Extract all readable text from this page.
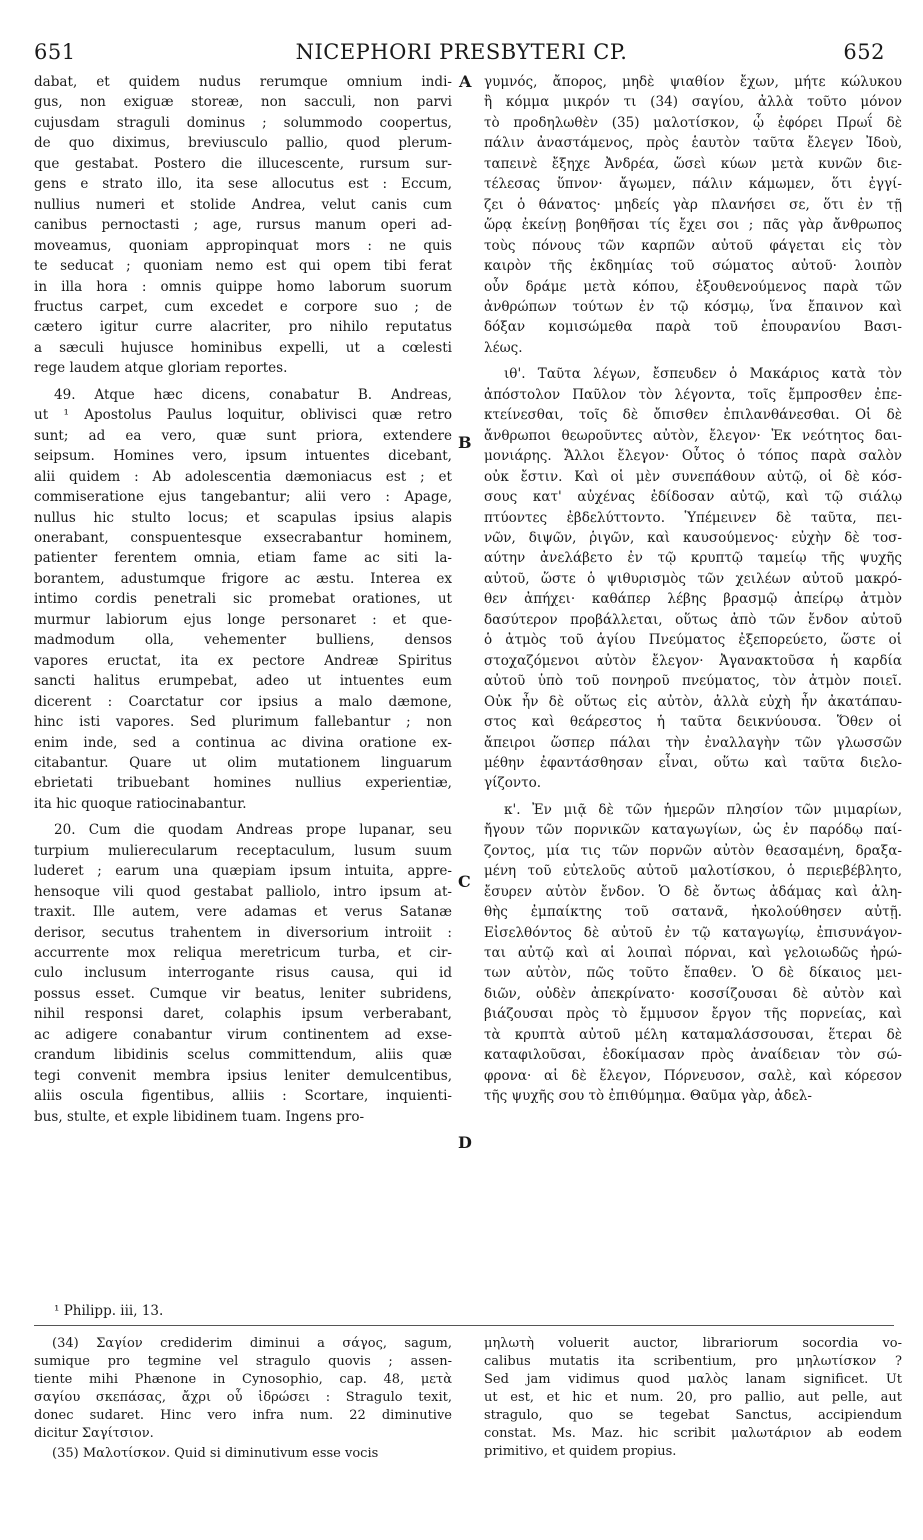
651	NICEPHORI PRESBYTERI CP.	652
A
B
C
D

dabat, et quidem nudus rerumque omnium indi-

gus, non exiguæ storeæ, non sacculi, non parvi

cujusdam straguli dominus ; solummodo coopertus,

de quo diximus, breviusculo pallio, quod plerum-

que gestabat. Postero die illucescente, rursum sur-

gens e strato illo, ita sese allocutus est : Eccum,

nullius numeri et stolide Andrea, velut canis cum

canibus pernoctasti ; age, rursus manum operi ad-

moveamus, quoniam appropinquat mors : ne quis

te seducat ; quoniam nemo est qui opem tibi ferat

in illa hora : omnis quippe homo laborum suorum

fructus carpet, cum excedet e corpore suo ; de

cætero igitur curre alacriter, pro nihilo reputatus

a sæculi hujusce hominibus expelli, ut a cœlesti

rege laudem atque gloriam reportes.

49. Atque hæc dicens, conabatur B. Andreas,

ut ¹ Apostolus Paulus loquitur, oblivisci quæ retro

sunt; ad ea vero, quæ sunt priora, extendere

seipsum. Homines vero, ipsum intuentes dicebant,

alii quidem : Ab adolescentia dæmoniacus est ; et

commiseratione ejus tangebantur; alii vero : Apage,

nullus hic stulto locus; et scapulas ipsius alapis

onerabant, conspuentesque exsecrabantur hominem,

patienter ferentem omnia, etiam fame ac siti la-

borantem, adustumque frigore ac æstu. Interea ex

intimo cordis penetrali sic promebat orationes, ut

murmur labiorum ejus longe personaret : et que-

madmodum olla, vehementer bulliens, densos

vapores eructat, ita ex pectore Andreæ Spiritus

sancti halitus erumpebat, adeo ut intuentes eum

dicerent : Coarctatur cor ipsius a malo dæmone,

hinc isti vapores. Sed plurimum fallebantur ; non

enim inde, sed a continua ac divina oratione ex-

citabantur. Quare ut olim mutationem linguarum

ebrietati tribuebant homines nullius experientiæ,

ita hic quoque ratiocinabantur.

20. Cum die quodam Andreas prope lupanar, seu

turpium mulierecularum receptaculum, lusum suum

luderet ; earum una quæpiam ipsum intuita, appre-

hensoque vili quod gestabat palliolo, intro ipsum at-

traxit. Ille autem, vere adamas et verus Satanæ

derisor, secutus trahentem in diversorium introiit :

accurrente mox reliqua meretricum turba, et cir-

culo inclusum interrogante risus causa, qui id

possus esset. Cumque vir beatus, leniter subridens,

nihil responsi daret, colaphis ipsum verberabant,

ac adigere conabantur virum continentem ad exse-

crandum libidinis scelus committendum, aliis quæ

tegi convenit membra ipsius leniter demulcentibus,

aliis oscula figentibus, alliis : Scortare, inquienti-

bus, stulte, et exple libidinem tuam. Ingens pro-

γυμνός, ἄπορος, μηδὲ ψιαθίον ἔχων, μήτε κώλυκου

ἢ κόμμα μικρόν τι (34) σαγίου, ἀλλὰ τοῦτο μόνον

τὸ προδηλωθὲν (35) μαλοτίσκον, ᾧ ἐφόρει Πρωΐ δὲ

πάλιν ἀναστάμενος, πρὸς ἑαυτὸν ταῦτα ἔλεγεν Ἰδοὺ,

ταπεινὲ ἔξηχε Ἀνδρέα, ὥσεὶ κύων μετὰ κυνῶν διε-

τέλεσας ὕπνον· ἄγωμεν, πάλιν κάμωμεν, ὅτι ἐγγί-

ζει ὁ θάνατος· μηδείς γὰρ πλανήσει σε, ὅτι ἐν τῇ

ὥρᾳ ἐκείνῃ βοηθῆσαι τίς ἔχει σοι ; πᾶς γὰρ ἄνθρωπος

τοὺς πόνους τῶν καρπῶν αὐτοῦ φάγεται εἰς τὸν

καιρὸν τῆς ἐκδημίας τοῦ σώματος αὐτοῦ· λοιπὸν

οὖν δράμε μετὰ κόπου, ἐξουθενούμενος παρὰ τῶν

ἀνθρώπων τούτων ἐν τῷ κόσμῳ, ἵνα ἔπαινον καὶ

δόξαν κομισώμεθα παρὰ τοῦ ἐπουρανίου Βασι-

λέως.

ιθ'. Ταῦτα λέγων, ἔσπευδεν ὁ Μακάριος κατὰ τὸν

ἀπόστολον Παῦλον τὸν λέγοντα, τοῖς ἔμπροσθεν ἐπε-

κτείνεσθαι, τοῖς δὲ ὄπισθεν ἐπιλανθάνεσθαι. Οἱ δὲ

ἄνθρωποι θεωροῦντες αὐτὸν, ἔλεγον· Ἐκ νεότητος δαι-

μονιάρης. Ἄλλοι ἔλεγον· Οὗτος ὁ τόπος παρὰ σαλὸν

οὐκ ἔστιν. Καὶ οἱ μὲν συνεπάθουν αὐτῷ, οἱ δὲ κόσ-

σους κατ' αὐχένας ἐδίδοσαν αὐτῷ, καὶ τῷ σιάλῳ

πτύοντες ἐβδελύττοντο. Ὑπέμεινεν δὲ ταῦτα, πει-

νῶν, διψῶν, ῥιγῶν, καὶ καυσούμενος· εὐχὴν δὲ τοσ-

αύτην ἀνελάβετο ἐν τῷ κρυπτῷ ταμείῳ τῆς ψυχῆς

αὐτοῦ, ὥστε ὁ ψιθυρισμὸς τῶν χειλέων αὐτοῦ μακρό-

θεν ἀπήχει· καθάπερ λέβης βρασμῷ ἀπείρῳ ἀτμὸν

δασύτερον προβάλλεται, οὕτως ἀπὸ τῶν ἔνδον αὐτοῦ

ὁ ἀτμὸς τοῦ ἁγίου Πνεύματος ἐξεπορεύετο, ὥστε οἱ

στοχαζόμενοι αὐτὸν ἔλεγον· Ἀγανακτοῦσα ἡ καρδία

αὐτοῦ ὑπὸ τοῦ πονηροῦ πνεύματος, τὸν ἀτμὸν ποιεῖ.

Οὐκ ἦν δὲ οὕτως εἰς αὐτὸν, ἀλλὰ εὐχὴ ἦν ἀκατάπαυ-

στος καὶ θεάρεστος ἡ ταῦτα δεικνύουσα. Ὅθεν οἱ

ἄπειροι ὥσπερ πάλαι τὴν ἐναλλαγὴν τῶν γλωσσῶν

μέθην ἐφαντάσθησαν εἶναι, οὕτω καὶ ταῦτα διελο-

γίζοντο.

κ'. Ἐν μιᾷ δὲ τῶν ἡμερῶν πλησίον τῶν μιμαρίων,

ἤγουν τῶν πορνικῶν καταγωγίων, ὡς ἐν παρόδῳ παί-

ζοντος, μία τις τῶν πορνῶν αὐτὸν θεασαμένη, δραξα-

μένη τοῦ εὐτελοῦς αὐτοῦ μαλοτίσκου, ὁ περιεβέβλητο,

ἔσυρεν αὐτὸν ἔνδον. Ὁ δὲ ὄντως ἀδάμας καὶ ἀλη-

θὴς ἐμπαίκτης τοῦ σατανᾶ, ἠκολούθησεν αὐτῇ.

Εἰσελθόντος δὲ αὐτοῦ ἐν τῷ καταγωγίῳ, ἐπισυνάγον-

ται αὐτῷ καὶ αἱ λοιπαὶ πόρναι, καὶ γελοιωδῶς ἠρώ-

των αὐτὸν, πῶς τοῦτο ἔπαθεν. Ὁ δὲ δίκαιος μει-

διῶν, οὐδὲν ἀπεκρίνατο· κοσσίζουσαι δὲ αὐτὸν καὶ

βιάζουσαι πρὸς τὸ ἔμμυσον ἔργον τῆς πορνείας, καὶ

τὰ κρυπτὰ αὐτοῦ μέλη καταμαλάσσουσαι, ἕτεραι δὲ

καταφιλοῦσαι, ἐδοκίμασαν πρὸς ἀναίδειαν τὸν σώ-

φρονα· αἱ δὲ ἔλεγον, Πόρνευσον, σαλὲ, καὶ κόρεσον

τῆς ψυχῆς σου τὸ ἐπιθύμημα. Θαῦμα γὰρ, ἀδελ-

¹ Philipp. iii, 13.

(34) Σαγίον crediderim diminui a σάγος, sagum,

sumique pro tegmine vel stragulo quovis ; assen-

tiente mihi Phænone in Cynosophio, cap. 48, μετὰ

σαγίου σκεπάσας, ἄχρι οὗ ἱδρώσει : Stragulo texit,

donec sudaret. Hinc vero infra num. 22 diminutive

dicitur Σαγίτσιον.

(35) Μαλοτίσκον. Quid si diminutivum esse vocis

μηλωτὴ voluerit auctor, librariorum socordia vo-

calibus mutatis ita scribentium, pro μηλωτίσκον ?

Sed jam vidimus quod μαλὸς lanam significet. Ut

ut est, et hic et num. 20, pro pallio, aut pelle, aut

stragulo, quo se tegebat Sanctus, accipiendum

constat. Ms. Maz. hic scribit μαλωτάριον ab eodem

primitivo, et quidem propius.
